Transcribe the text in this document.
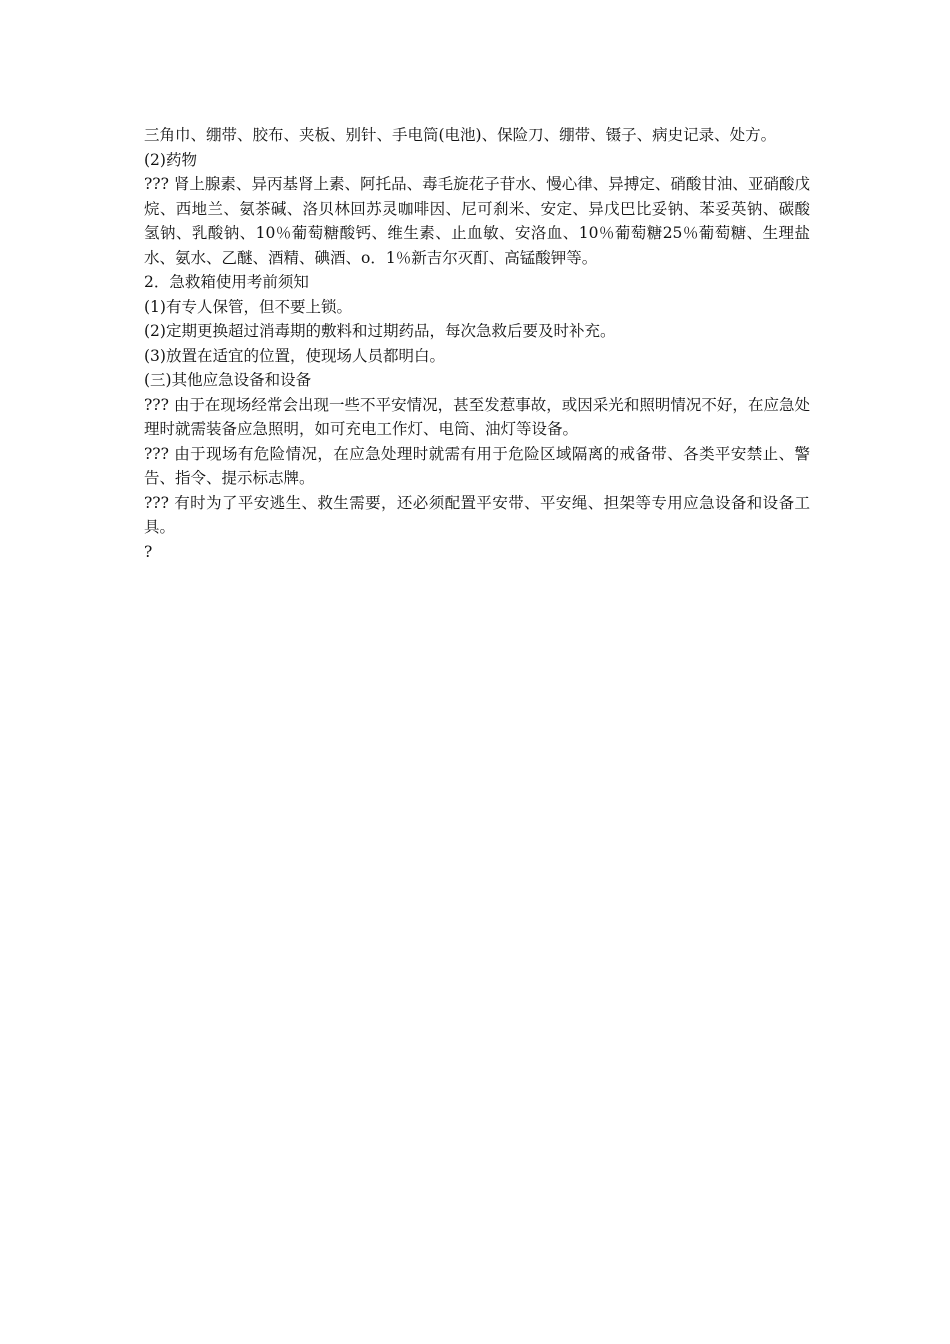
三角巾、绷带、胶布、夹板、别针、手电筒(电池)、保险刀、绷带、镊子、病史记录、处方。

(2)药物

??? 肾上腺素、异丙基肾上素、阿托品、毒毛旋花子苷水、慢心律、异搏定、硝酸甘油、亚硝酸戊烷、西地兰、氨茶碱、洛贝林回苏灵咖啡因、尼可刹米、安定、异戊巴比妥钠、苯妥英钠、碳酸氢钠、乳酸钠、10％葡萄糖酸钙、维生素、止血敏、安洛血、10％葡萄糖25％葡萄糖、生理盐水、氨水、乙醚、酒精、碘酒、o．1％新吉尔灭酊、高锰酸钾等。

2．急救箱使用考前须知

(1)有专人保管，但不要上锁。

(2)定期更换超过消毒期的敷料和过期药品，每次急救后要及时补充。

(3)放置在适宜的位置，使现场人员都明白。

(三)其他应急设备和设备

??? 由于在现场经常会出现一些不平安情况，甚至发惹事故，或因采光和照明情况不好，在应急处理时就需装备应急照明，如可充电工作灯、电筒、油灯等设备。

??? 由于现场有危险情况，在应急处理时就需有用于危险区域隔离的戒备带、各类平安禁止、警告、指令、提示标志牌。

??? 有时为了平安逃生、救生需要，还必须配置平安带、平安绳、担架等专用应急设备和设备工具。

?
